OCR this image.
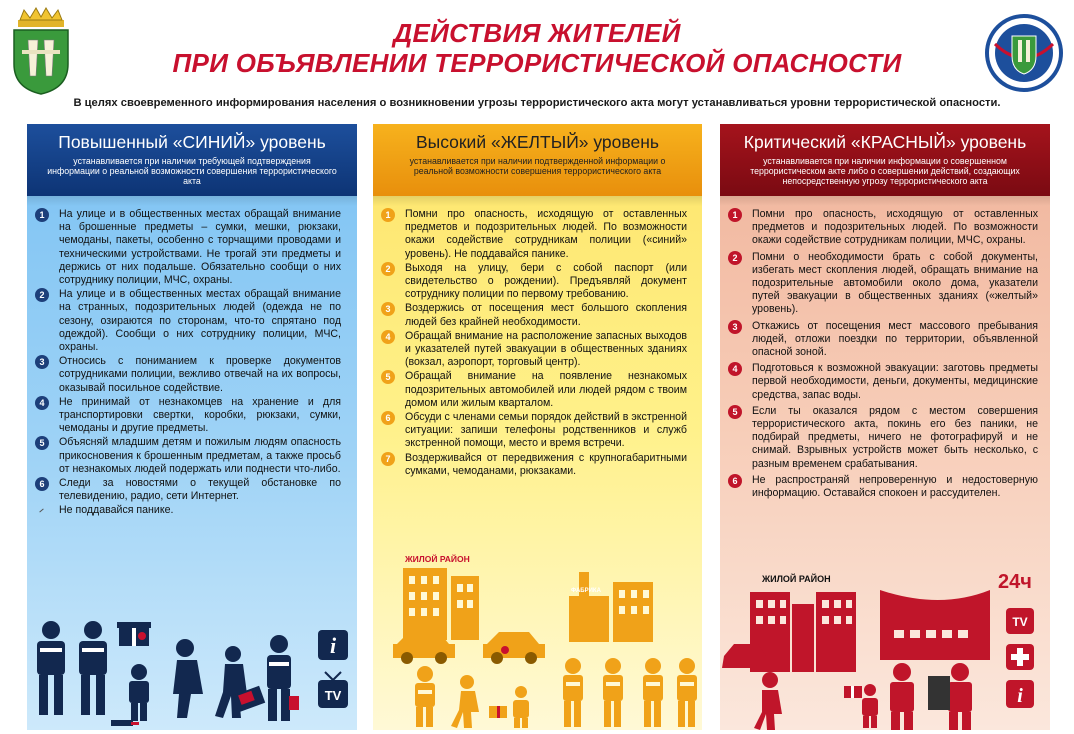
ДЕЙСТВИЯ ЖИТЕЛЕЙ
ПРИ ОБЪЯВЛЕНИИ ТЕРРОРИСТИЧЕСКОЙ ОПАСНОСТИ
В целях своевременного информирования населения о возникновении угрозы террористического акта могут устанавливаться уровни террористической опасности.
Повышенный «СИНИЙ» уровень
устанавливается при наличии требующей подтверждения информации о реальной возможности совершения террористического акта
1	На улице и в общественных местах обращай внимание на брошенные предметы – сумки, мешки, рюкзаки, чемоданы, пакеты, особенно с торчащими проводами и техническими устройствами. Не трогай эти предметы и держись от них подальше. Обязательно сообщи о них сотруднику полиции, МЧС, охраны.
2	На улице и в общественных местах обращай внимание на странных, подозрительных людей (одежда не по сезону, озираются по сторонам, что-то спрятано под одеждой). Сообщи о них сотруднику полиции, МЧС, охраны.
3	Относись с пониманием к проверке документов сотрудниками полиции, вежливо отвечай на их вопросы, оказывай посильное содействие.
4	Не принимай от незнакомцев на хранение и для транспортировки свертки, коробки, рюкзаки, сумки, чемоданы и другие предметы.
5	Объясняй младшим детям и пожилым людям опасность прикосновения к брошенным предметам, а также просьб от незнакомых людей подержать или поднести что-либо.
6	Следи за новостями о текущей обстановке по телевидению, радио, сети Интернет.
Не поддавайся панике.
i
TV
Высокий «ЖЕЛТЫЙ» уровень
устанавливается при наличии подтвержденной информации о реальной возможности совершения террористического акта
1	Помни про опасность, исходящую от оставленных предметов и подозрительных людей. По возможности окажи содействие сотрудникам полиции («синий» уровень). Не поддавайся панике.
2	Выходя на улицу, бери с собой паспорт (или свидетельство о рождении). Предъявляй документ сотруднику полиции по первому требованию.
3	Воздержись от посещения мест большого скопления людей без крайней необходимости.
4	Обращай внимание на расположение запасных выходов и указателей путей эвакуации в общественных зданиях (вокзал, аэропорт, торговый центр).
5	Обращай внимание на появление незнакомых подозрительных автомобилей или людей рядом с твоим домом или жилым кварталом.
6	Обсуди с членами семьи порядок действий в экстренной ситуации: запиши телефоны родственников и служб экстренной помощи, место и время встречи.
7	Воздерживайся от передвижения с крупногабаритными сумками, чемоданами, рюкзаками.
ЖИЛОЙ РАЙОН
ФАБРИКА
Критический «КРАСНЫЙ» уровень
устанавливается при наличии информации о совершенном террористическом акте либо о совершении действий, создающих непосредственную угрозу террористического акта
1	Помни про опасность, исходящую от оставленных предметов и подозрительных людей. По возможности окажи содействие сотрудникам полиции, МЧС, охраны.
2	Помни о необходимости брать с собой документы, избегать мест скопления людей, обращать внимание на подозрительные автомобили около дома, указатели путей эвакуации в общественных зданиях («желтый» уровень).
3	Откажись от посещения мест массового пребывания людей, отложи поездки по территории, объявленной опасной зоной.
4	Подготовься к возможной эвакуации: заготовь предметы первой необходимости, деньги, документы, медицинские средства, запас воды.
5	Если ты оказался рядом с местом совершения террористического акта, покинь его без паники, не подбирай предметы, ничего не фотографируй и не снимай. Взрывных устройств может быть несколько, с разным временем срабатывания.
6	Не распространяй непроверенную и недостоверную информацию. Оставайся спокоен и рассудителен.
ЖИЛОЙ РАЙОН	24ч
TV
i
